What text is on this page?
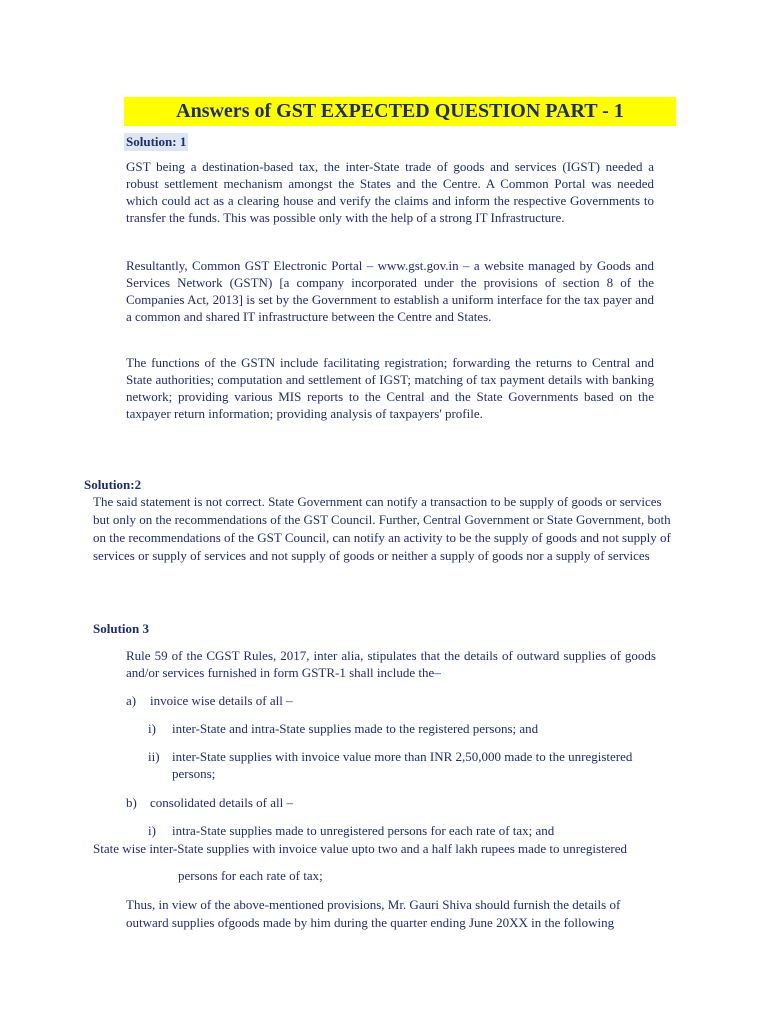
Answers of GST EXPECTED QUESTION PART - 1
Solution: 1

GST being a destination-based tax, the inter-State trade of goods and services (IGST) needed a robust settlement mechanism amongst the States and the Centre. A Common Portal was needed which could act as a clearing house and verify the claims and inform the respective Governments to transfer the funds. This was possible only with the help of a strong IT Infrastructure.

Resultantly, Common GST Electronic Portal – www.gst.gov.in – a website managed by Goods and Services Network (GSTN) [a company incorporated under the provisions of section 8 of the Companies Act, 2013] is set by the Government to establish a uniform interface for the tax payer and a common and shared IT infrastructure between the Centre and States.

The functions of the GSTN include facilitating registration; forwarding the returns to Central and State authorities; computation and settlement of IGST; matching of tax payment details with banking network; providing various MIS reports to the Central and the State Governments based on the taxpayer return information; providing analysis of taxpayers' profile.

Solution:2

The said statement is not correct. State Government can notify a transaction to be supply of goods or services but only on the recommendations of the GST Council. Further, Central Government or State Government, both on the recommendations of the GST Council, can notify an activity to be the supply of goods and not supply of services or supply of services and not supply of goods or neither a supply of goods nor a supply of services

Solution 3

Rule 59 of the CGST Rules, 2017, inter alia, stipulates that the details of outward supplies of goods and/or services furnished in form GSTR-1 shall include the–

a) invoice wise details of all –
i) inter-State and intra-State supplies made to the registered persons; and
ii) inter-State supplies with invoice value more than INR 2,50,000 made to the unregistered
persons;
b) consolidated details of all –
i) intra-State supplies made to unregistered persons for each rate of tax; and
State wise inter-State supplies with invoice value upto two and a half lakh rupees made to unregistered
persons for each rate of tax;
Thus, in view of the above-mentioned provisions, Mr. Gauri Shiva should furnish the details of
outward supplies ofgoods made by him during the quarter ending June 20XX in the following
